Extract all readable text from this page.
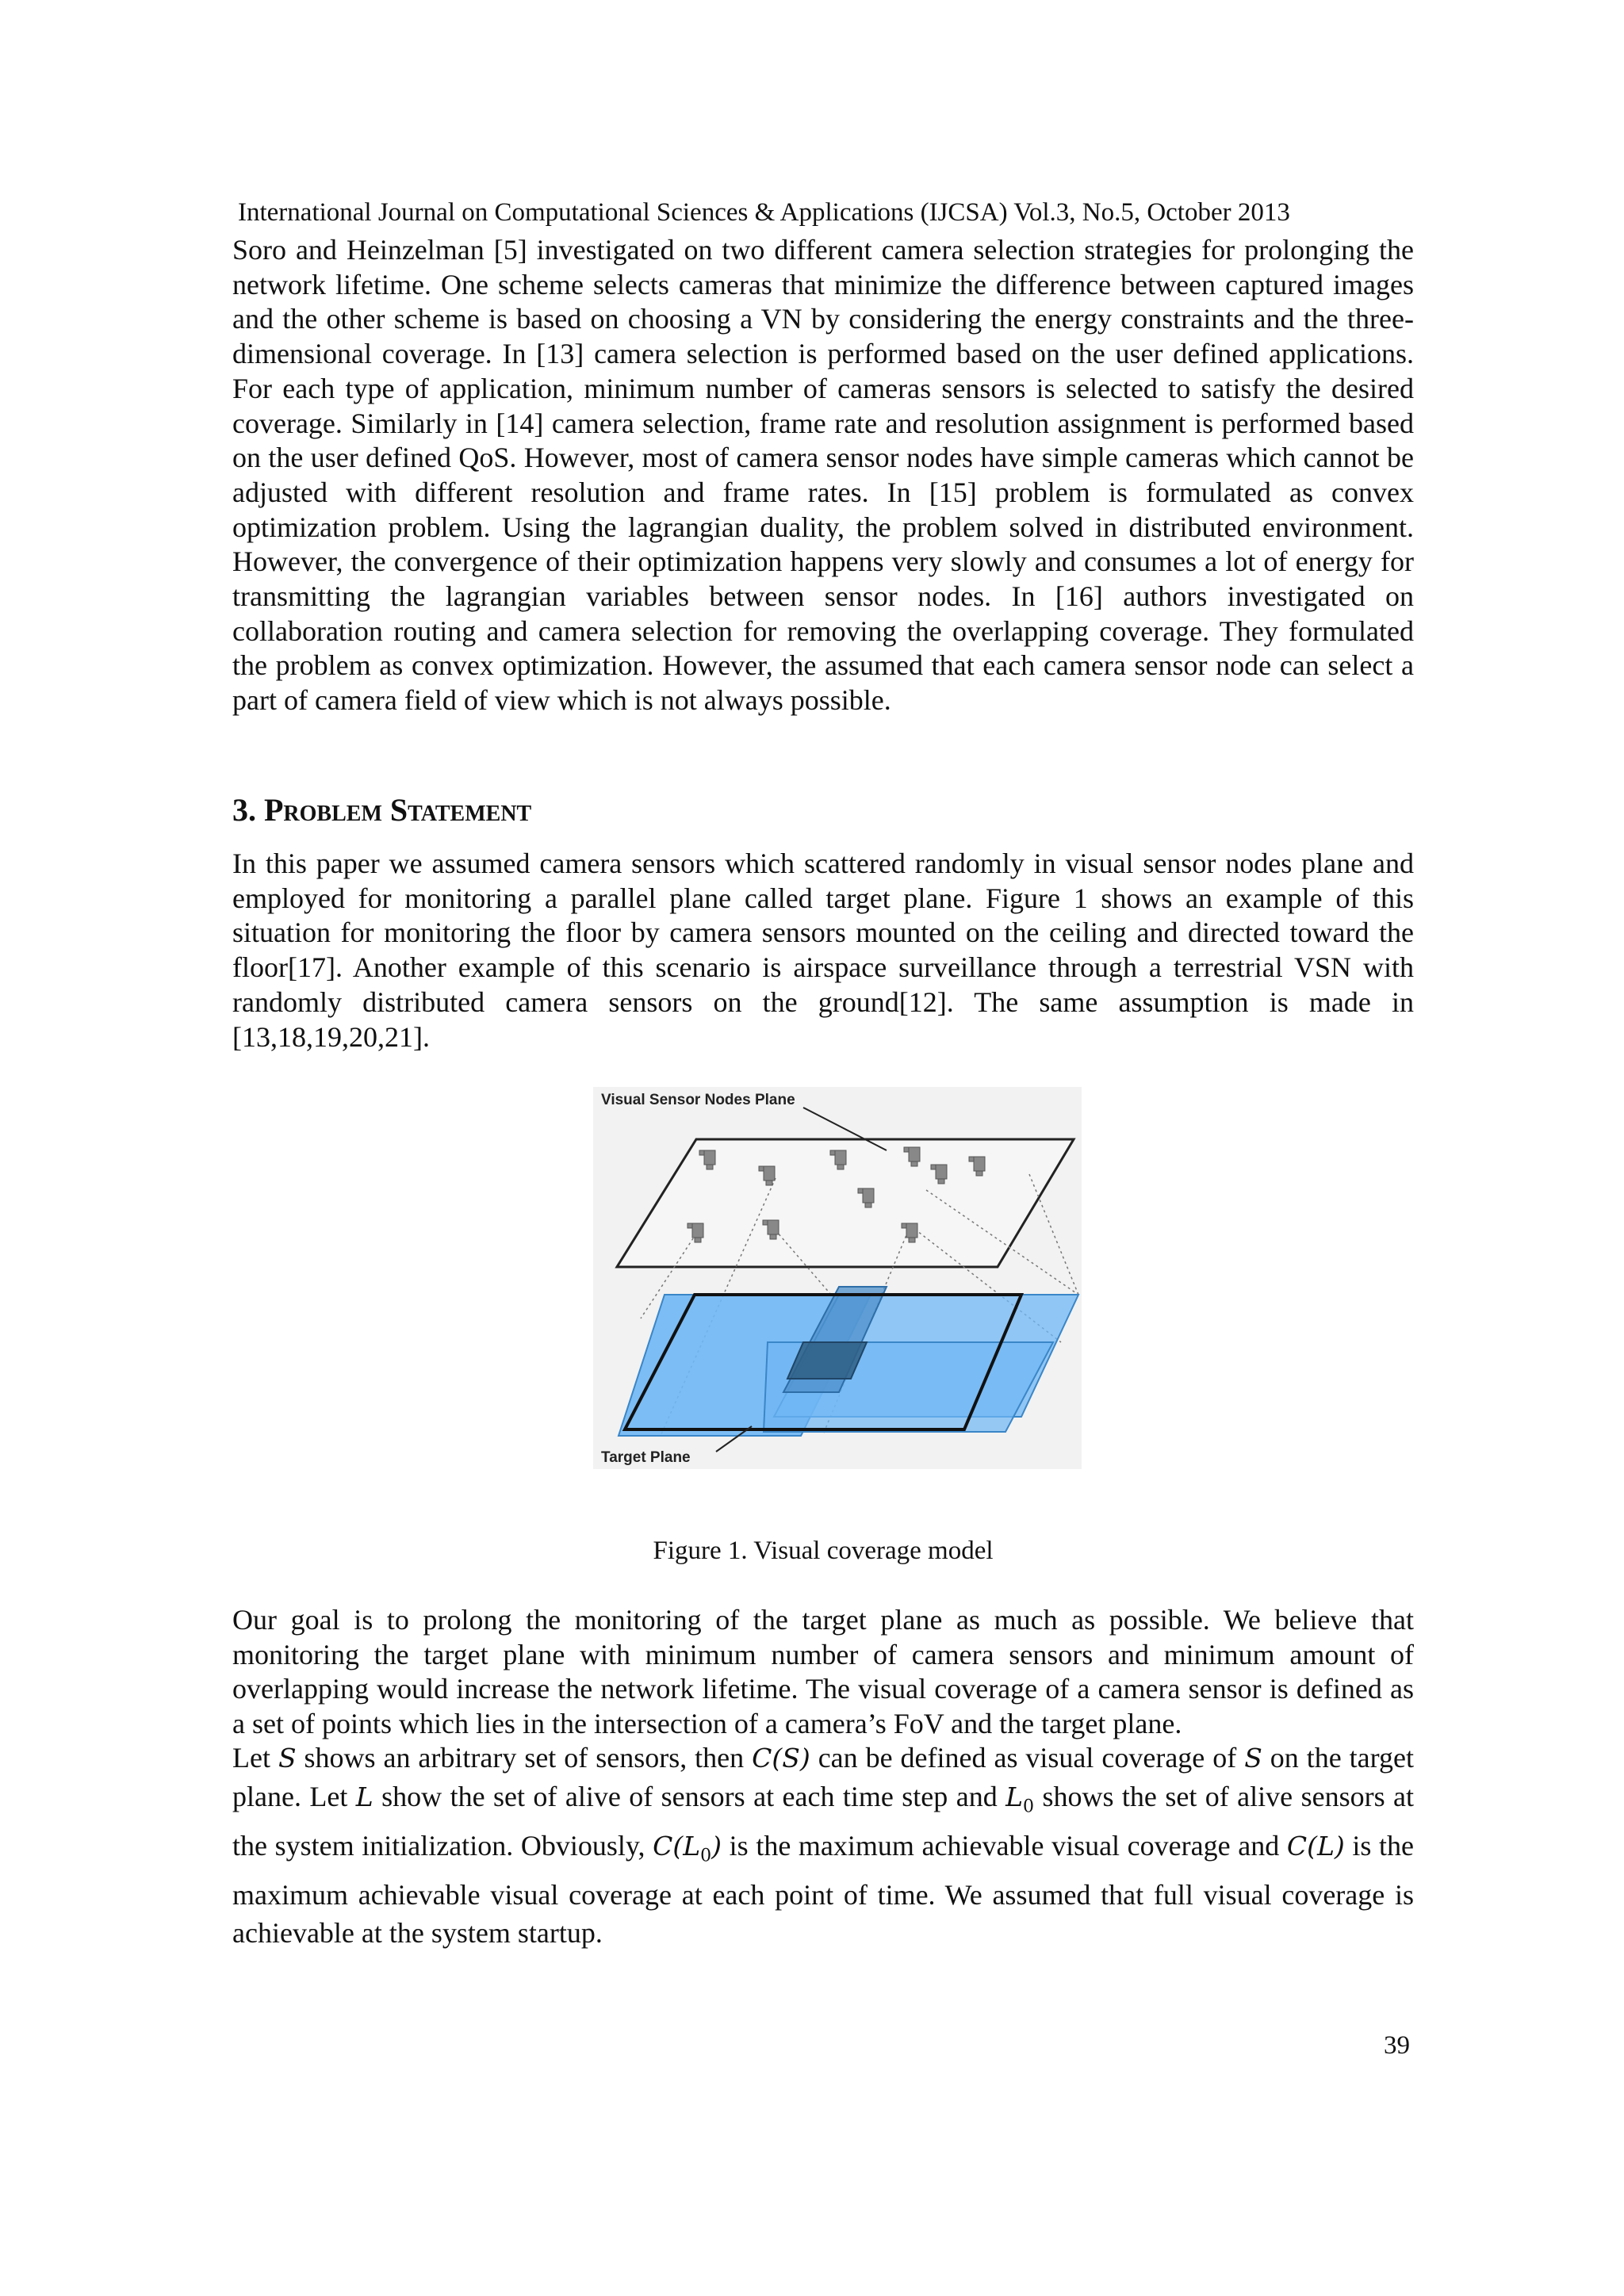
International Journal on Computational Sciences & Applications (IJCSA) Vol.3, No.5, October 2013

Soro and Heinzelman [5] investigated on two different camera selection strategies for prolonging the network lifetime. One scheme selects cameras that minimize the difference between captured images and the other scheme is based on choosing a VN by considering the energy constraints and the three-dimensional coverage. In [13] camera selection is performed based on the user defined applications. For each type of application, minimum number of cameras sensors is selected to satisfy the desired coverage. Similarly in [14] camera selection, frame rate and resolution assignment is performed based on the user defined QoS. However, most of camera sensor nodes have simple cameras which cannot be adjusted with different resolution and frame rates. In [15] problem is formulated as convex optimization problem. Using the lagrangian duality, the problem solved in distributed environment. However, the convergence of their optimization happens very slowly and consumes a lot of energy for transmitting the lagrangian variables between sensor nodes. In [16] authors investigated on collaboration routing and camera selection for removing the overlapping coverage. They formulated the problem as convex optimization. However, the assumed that each camera sensor node can select a part of camera field of view which is not always possible.

3. Problem Statement

In this paper we assumed camera sensors which scattered randomly in visual sensor nodes plane and employed for monitoring a parallel plane called target plane. Figure 1 shows an example of this situation for monitoring the floor by camera sensors mounted on the ceiling and directed toward the floor[17]. Another example of this scenario is airspace surveillance through a terrestrial VSN with randomly distributed camera sensors on the ground[12]. The same assumption is made in [13,18,19,20,21].

Visual Sensor Nodes Plane
Target Plane
Figure 1. Visual coverage model

Our goal is to prolong the monitoring of the target plane as much as possible. We believe that monitoring the target plane with minimum number of camera sensors and minimum amount of overlapping would increase the network lifetime. The visual coverage of a camera sensor is defined as a set of points which lies in the intersection of a camera’s FoV and the target plane.

Let S shows an arbitrary set of sensors, then C(S) can be defined as visual coverage of S on the target plane. Let L show the set of alive of sensors at each time step and $L_0$ shows the set of alive sensors at the system initialization. Obviously, $C(L_0)$ is the maximum achievable visual coverage and C(L) is the maximum achievable visual coverage at each point of time. We assumed that full visual coverage is achievable at the system startup.

39
